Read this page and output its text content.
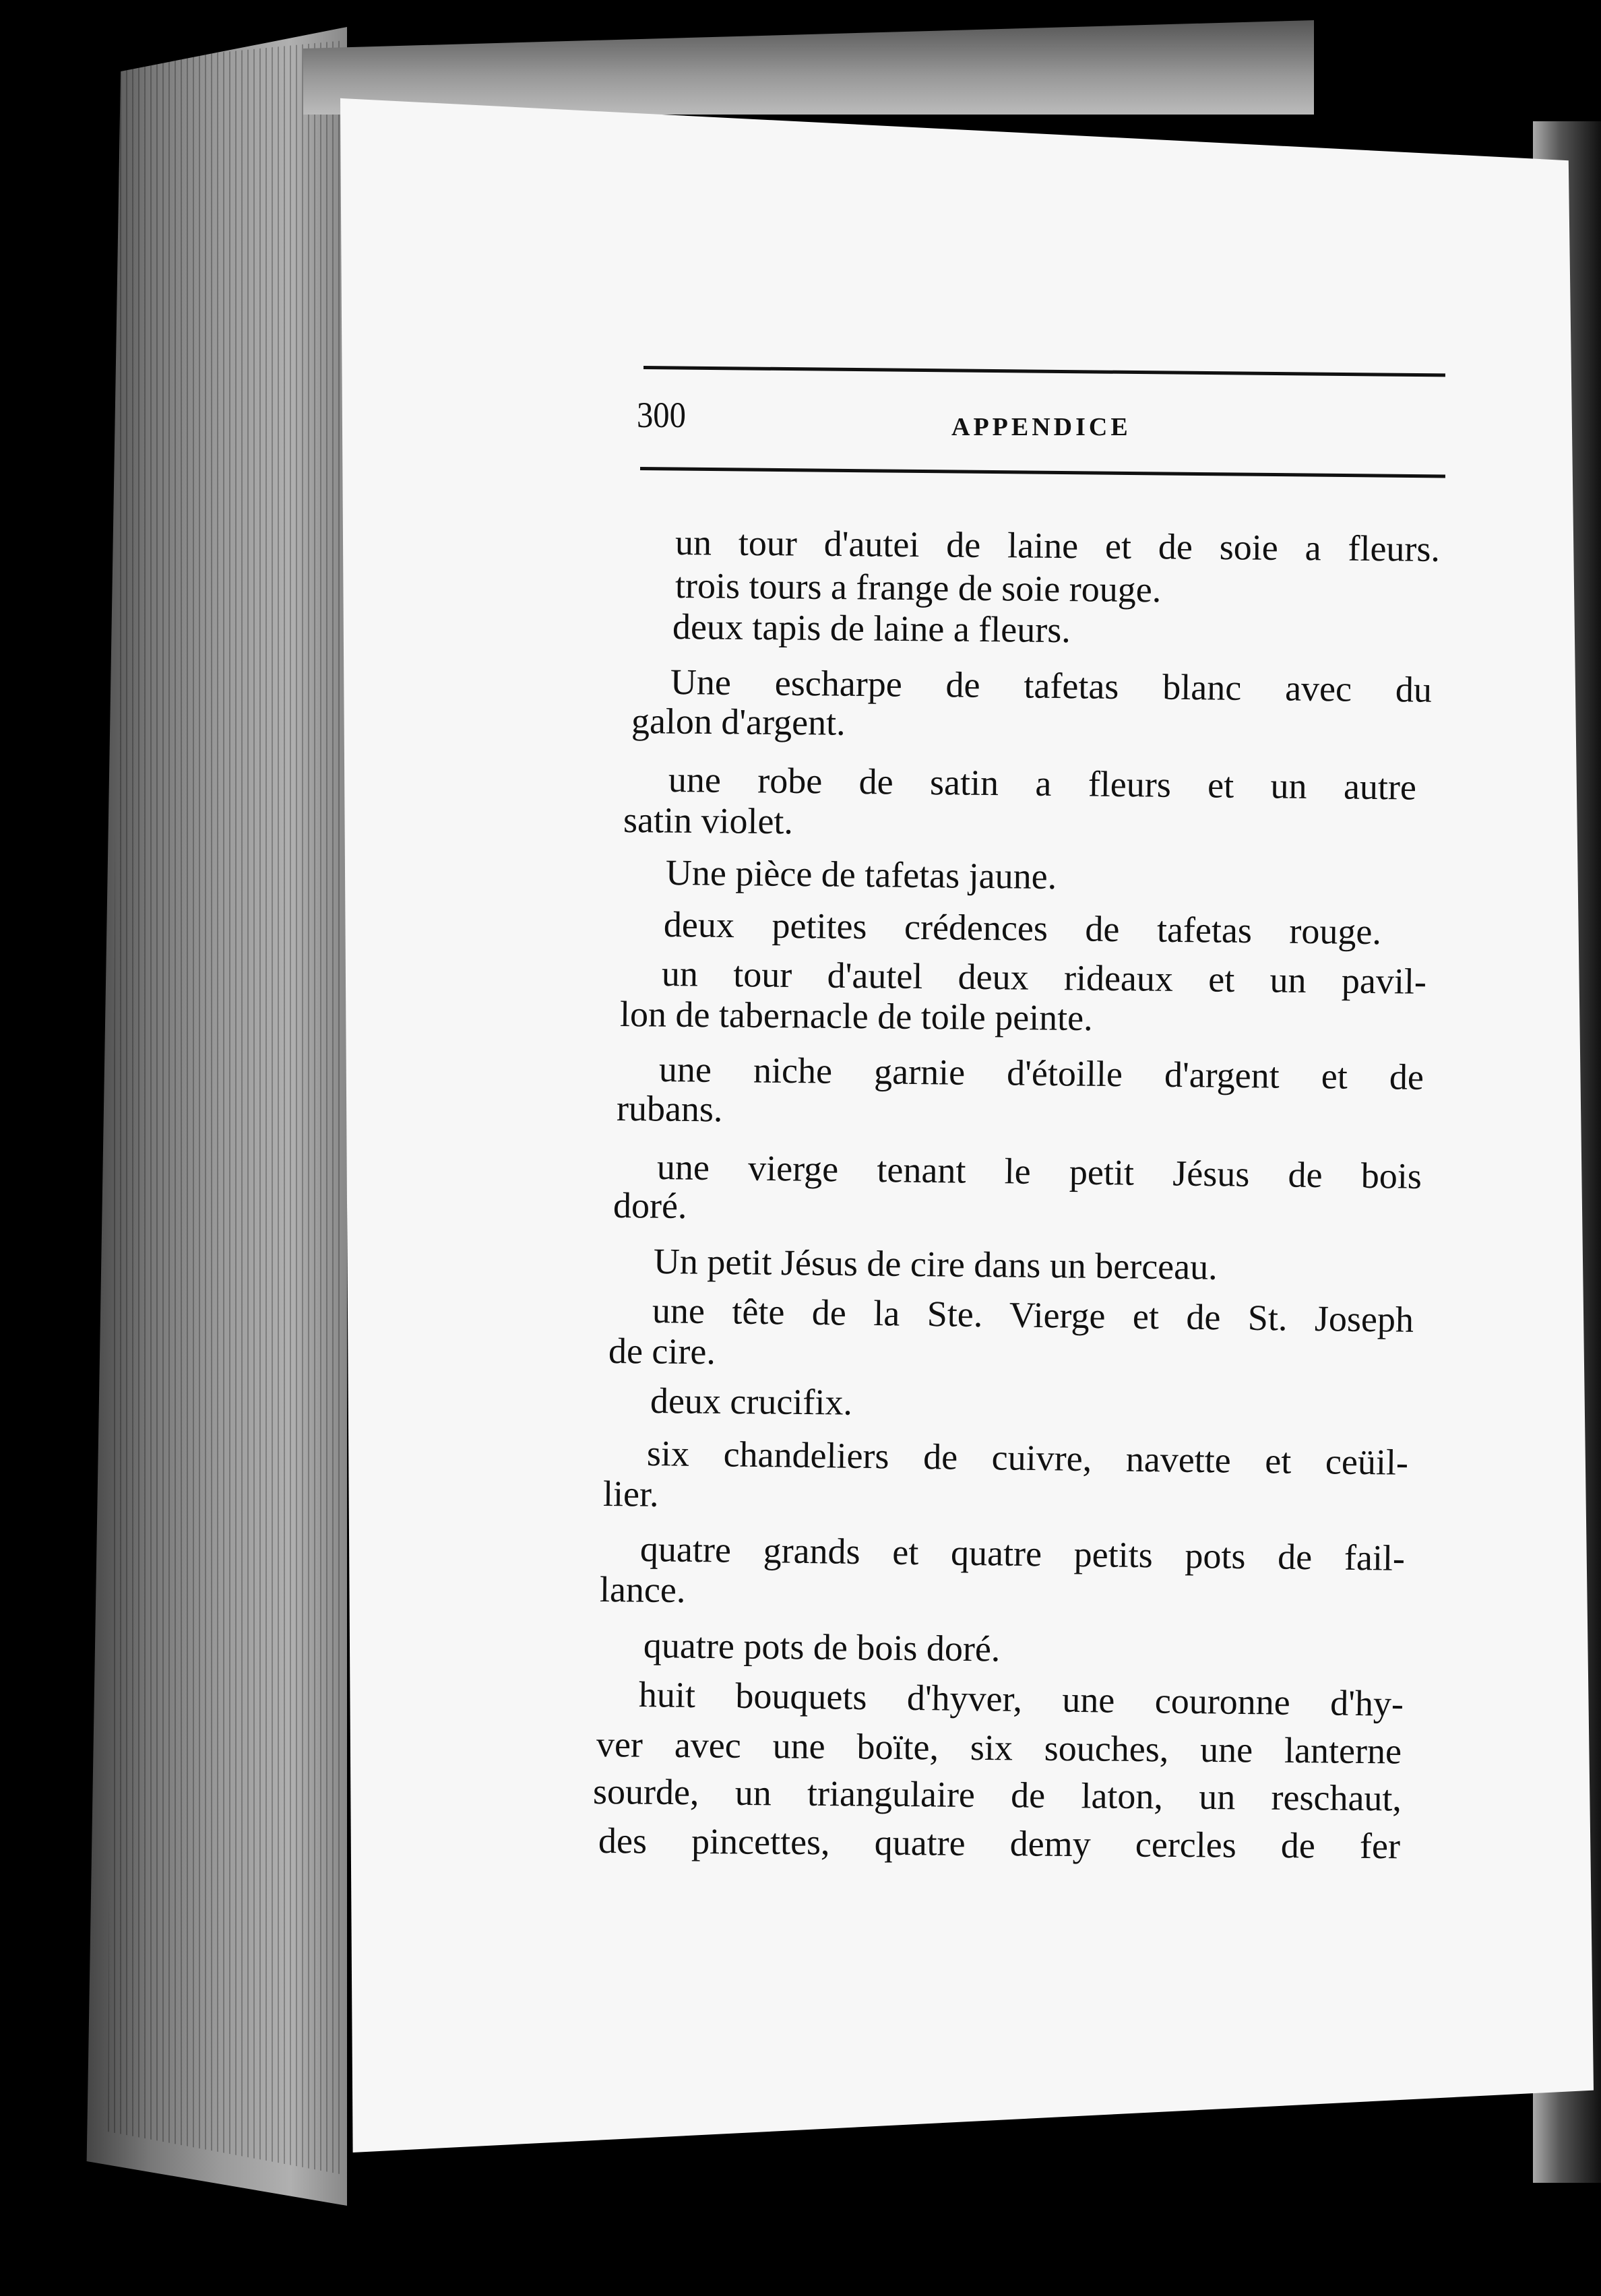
300	APPENDICE
un tour d'autei de laine et de soie a fleurs.
trois tours a frange de soie rouge.
deux tapis de laine a fleurs.
Une escharpe de tafetas blanc avec du
galon d'argent.
une robe de satin a fleurs et un autre
satin violet.
Une pièce de tafetas jaune.
deux petites crédences de tafetas rouge.
un tour d'autel deux rideaux et un pavil-
lon de tabernacle de toile peinte.
une niche garnie d'étoille d'argent et de
rubans.
une vierge tenant le petit Jésus de bois
doré.
Un petit Jésus de cire dans un berceau.
une tête de la Ste. Vierge et de St. Joseph
de cire.
deux crucifix.
six chandeliers de cuivre, navette et ceüil-
lier.
quatre grands et quatre petits pots de fail-
lance.
quatre pots de bois doré.
huit bouquets d'hyver, une couronne d'hy-
ver avec une boïte, six souches, une lanterne
sourde, un triangulaire de laton, un reschaut,
des pincettes, quatre demy cercles de fer
